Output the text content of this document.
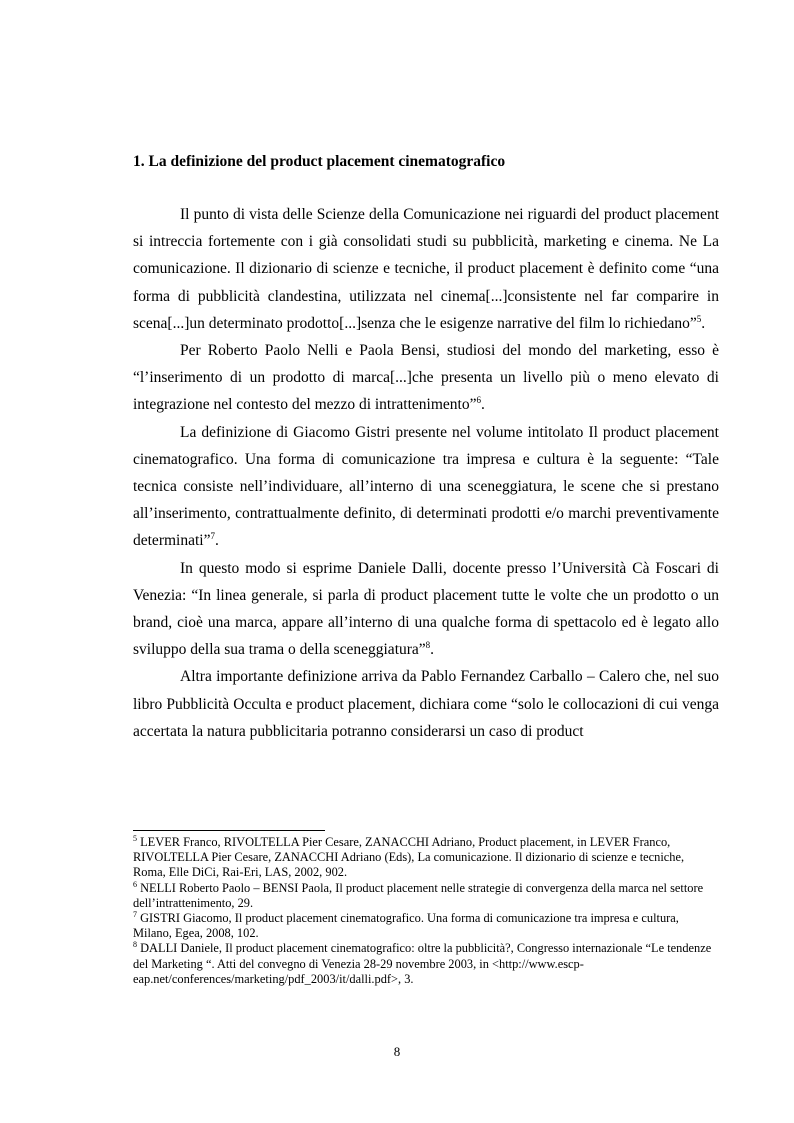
1. La definizione del product placement cinematografico

Il punto di vista delle Scienze della Comunicazione nei riguardi del product placement si intreccia fortemente con i già consolidati studi su pubblicità, marketing e cinema. Ne La comunicazione. Il dizionario di scienze e tecniche, il product placement è definito come “una forma di pubblicità clandestina, utilizzata nel cinema[...]consistente nel far comparire in scena[...]un determinato prodotto[...]senza che le esigenze narrative del film lo richiedano”$^5$.

Per Roberto Paolo Nelli e Paola Bensi, studiosi del mondo del marketing, esso è “l’inserimento di un prodotto di marca[...]che presenta un livello più o meno elevato di integrazione nel contesto del mezzo di intrattenimento”$^6$.

La definizione di Giacomo Gistri presente nel volume intitolato Il product placement cinematografico. Una forma di comunicazione tra impresa e cultura è la seguente: “Tale tecnica consiste nell’individuare, all’interno di una sceneggiatura, le scene che si prestano all’inserimento, contrattualmente definito, di determinati prodotti e/o marchi preventivamente determinati”$^7$.

In questo modo si esprime Daniele Dalli, docente presso l’Università Cà Foscari di Venezia: “In linea generale, si parla di product placement tutte le volte che un prodotto o un brand, cioè una marca, appare all’interno di una qualche forma di spettacolo ed è legato allo sviluppo della sua trama o della sceneggiatura”$^8$.

Altra importante definizione arriva da Pablo Fernandez Carballo – Calero che, nel suo libro Pubblicità Occulta e product placement, dichiara come “solo le collocazioni di cui venga accertata la natura pubblicitaria potranno considerarsi un caso di product

$^5$ LEVER Franco, RIVOLTELLA Pier Cesare, ZANACCHI Adriano, Product placement, in LEVER Franco, RIVOLTELLA Pier Cesare, ZANACCHI Adriano (Eds), La comunicazione. Il dizionario di scienze e tecniche, Roma, Elle DiCi, Rai-Eri, LAS, 2002, 902.

$^6$ NELLI Roberto Paolo – BENSI Paola, Il product placement nelle strategie di convergenza della marca nel settore dell’intrattenimento, 29.

$^7$ GISTRI Giacomo, Il product placement cinematografico. Una forma di comunicazione tra impresa e cultura, Milano, Egea, 2008, 102.

$^8$ DALLI Daniele, Il product placement cinematografico: oltre la pubblicità?, Congresso internazionale “Le tendenze del Marketing “. Atti del convegno di Venezia 28-29 novembre 2003, in <http://www.escp-eap.net/conferences/marketing/pdf_2003/it/dalli.pdf>, 3.

8
